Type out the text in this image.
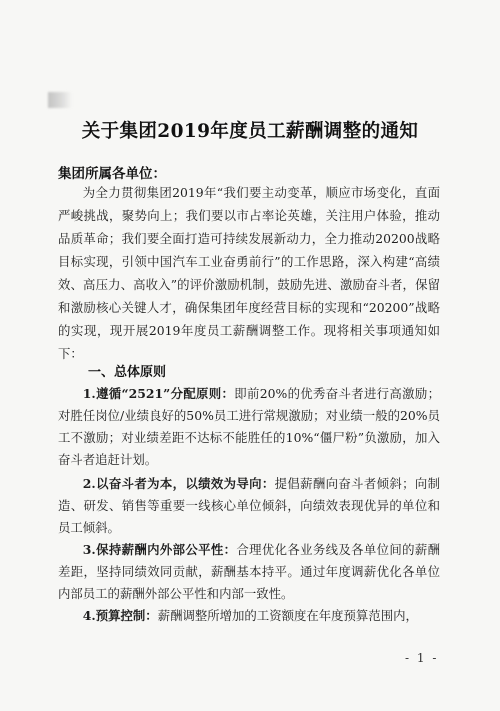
关于集团2019年度员工薪酬调整的通知
集团所属各单位：
为全力贯彻集团2019年“我们要主动变革，顺应市场变化，直面严峻挑战，聚势向上；我们要以市占率论英雄，关注用户体验，推动品质革命；我们要全面打造可持续发展新动力，全力推动20200战略目标实现，引领中国汽车工业奋勇前行”的工作思路，深入构建“高绩效、高压力、高收入”的评价激励机制，鼓励先进、激励奋斗者，保留和激励核心关键人才，确保集团年度经营目标的实现和“20200”战略的实现，现开展2019年度员工薪酬调整工作。现将相关事项通知如下：
一、总体原则
1.遵循“2521”分配原则：即前20%的优秀奋斗者进行高激励；对胜任岗位/业绩良好的50%员工进行常规激励；对业绩一般的20%员工不激励；对业绩差距不达标不能胜任的10%“僵尸粉”负激励，加入奋斗者追赶计划。
2.以奋斗者为本，以绩效为导向：提倡薪酬向奋斗者倾斜；向制造、研发、销售等重要一线核心单位倾斜，向绩效表现优异的单位和员工倾斜。
3.保持薪酬内外部公平性：合理优化各业务线及各单位间的薪酬差距，坚持同绩效同贡献，薪酬基本持平。通过年度调薪优化各单位内部员工的薪酬外部公平性和内部一致性。
4.预算控制：薪酬调整所增加的工资额度在年度预算范围内，
- 1 -
